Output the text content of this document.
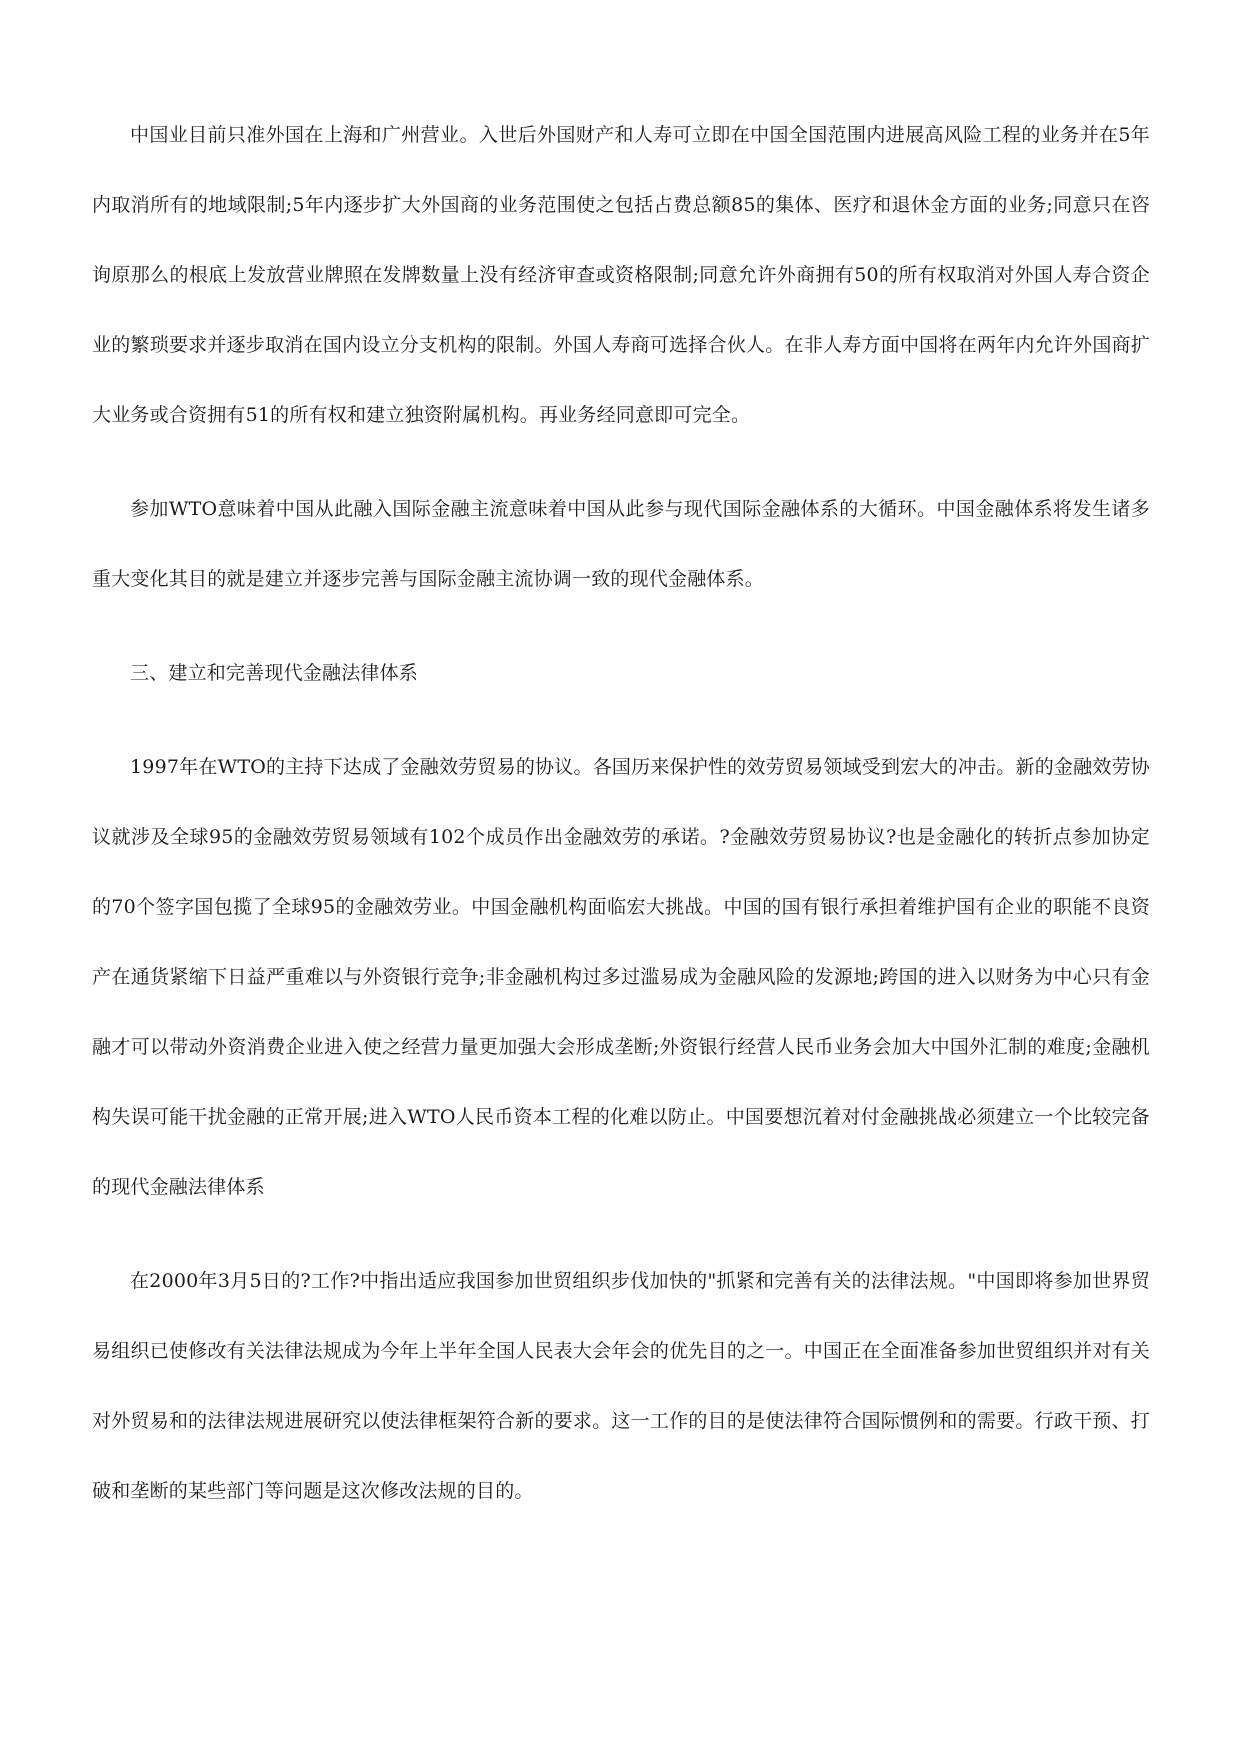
中国业目前只准外国在上海和广州营业。入世后外国财产和人寿可立即在中国全国范围内进展高风险工程的业务并在5年内取消所有的地域限制;5年内逐步扩大外国商的业务范围使之包括占费总额85的集体、医疗和退休金方面的业务;同意只在咨询原那么的根底上发放营业牌照在发牌数量上没有经济审查或资格限制;同意允许外商拥有50的所有权取消对外国人寿合资企业的繁琐要求并逐步取消在国内设立分支机构的限制。外国人寿商可选择合伙人。在非人寿方面中国将在两年内允许外国商扩大业务或合资拥有51的所有权和建立独资附属机构。再业务经同意即可完全。

参加WTO意味着中国从此融入国际金融主流意味着中国从此参与现代国际金融体系的大循环。中国金融体系将发生诸多重大变化其目的就是建立并逐步完善与国际金融主流协调一致的现代金融体系。

三、建立和完善现代金融法律体系

1997年在WTO的主持下达成了金融效劳贸易的协议。各国历来保护性的效劳贸易领域受到宏大的冲击。新的金融效劳协议就涉及全球95的金融效劳贸易领域有102个成员作出金融效劳的承诺。?金融效劳贸易协议?也是金融化的转折点参加协定的70个签字国包揽了全球95的金融效劳业。中国金融机构面临宏大挑战。中国的国有银行承担着维护国有企业的职能不良资产在通货紧缩下日益严重难以与外资银行竞争;非金融机构过多过滥易成为金融风险的发源地;跨国的进入以财务为中心只有金融才可以带动外资消费企业进入使之经营力量更加强大会形成垄断;外资银行经营人民币业务会加大中国外汇制的难度;金融机构失误可能干扰金融的正常开展;进入WTO人民币资本工程的化难以防止。中国要想沉着对付金融挑战必须建立一个比较完备的现代金融法律体系

在2000年3月5日的?工作?中指出适应我国参加世贸组织步伐加快的"抓紧和完善有关的法律法规。"中国即将参加世界贸易组织已使修改有关法律法规成为今年上半年全国人民表大会年会的优先目的之一。中国正在全面准备参加世贸组织并对有关对外贸易和的法律法规进展研究以使法律框架符合新的要求。这一工作的目的是使法律符合国际惯例和的需要。行政干预、打破和垄断的某些部门等问题是这次修改法规的目的。
